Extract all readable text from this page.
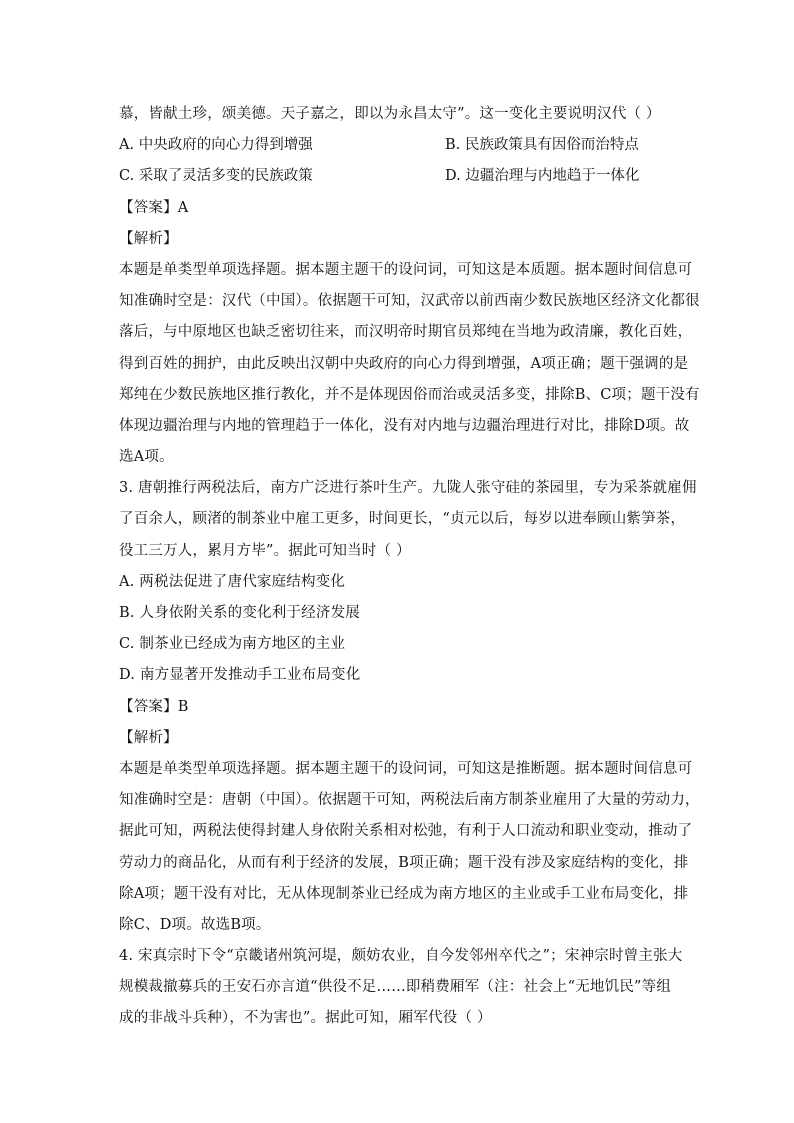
慕，皆献土珍，颂美德。天子嘉之，即以为永昌太守”。这一变化主要说明汉代（ ）
A. 中央政府的向心力得到增强	B. 民族政策具有因俗而治特点
C. 采取了灵活多变的民族政策	D. 边疆治理与内地趋于一体化
【答案】A
【解析】
本题是单类型单项选择题。据本题主题干的设问词，可知这是本质题。据本题时间信息可
知准确时空是：汉代（中国）。依据题干可知，汉武帝以前西南少数民族地区经济文化都很
落后，与中原地区也缺乏密切往来，而汉明帝时期官员郑纯在当地为政清廉，教化百姓，
得到百姓的拥护，由此反映出汉朝中央政府的向心力得到增强，A项正确；题干强调的是
郑纯在少数民族地区推行教化，并不是体现因俗而治或灵活多变，排除B、C项；题干没有
体现边疆治理与内地的管理趋于一体化，没有对内地与边疆治理进行对比，排除D项。故
选A项。
3. 唐朝推行两税法后，南方广泛进行茶叶生产。九陇人张守硅的茶园里，专为采茶就雇佣
了百余人，顾渚的制茶业中雇工更多，时间更长，“贞元以后，每岁以进奉顾山紫笋茶，
役工三万人，累月方毕”。据此可知当时（ ）
A. 两税法促进了唐代家庭结构变化
B. 人身依附关系的变化利于经济发展
C. 制茶业已经成为南方地区的主业
D. 南方显著开发推动手工业布局变化
【答案】B
【解析】
本题是单类型单项选择题。据本题主题干的设问词，可知这是推断题。据本题时间信息可
知准确时空是：唐朝（中国）。依据题干可知，两税法后南方制茶业雇用了大量的劳动力，
据此可知，两税法使得封建人身依附关系相对松弛，有利于人口流动和职业变动，推动了
劳动力的商品化，从而有利于经济的发展，B项正确；题干没有涉及家庭结构的变化，排
除A项；题干没有对比，无从体现制茶业已经成为南方地区的主业或手工业布局变化，排
除C、D项。故选B项。
4. 宋真宗时下令“京畿诸州筑河堤，颇妨农业，自今发邻州卒代之”；宋神宗时曾主张大
规模裁撤募兵的王安石亦言道“供役不足……即稍费厢军（注：社会上“无地饥民”等组
成的非战斗兵种），不为害也”。据此可知，厢军代役（ ）
